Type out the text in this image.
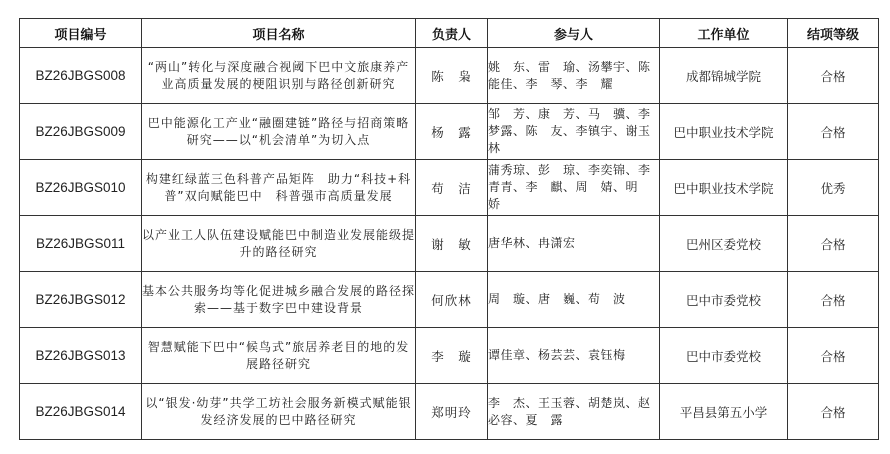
项目编号	项目名称	负责人	参与人	工作单位	结项等级
BZ26JBGS008	“两山”转化与深度融合视阈下巴中文旅康养产业高质量发展的梗阻识别与路径创新研究	陈　枭	姚　东、雷　瑜、汤攀宇、陈能佳、李　琴、李　耀	成都锦城学院	合格
BZ26JBGS009	巴中能源化工产业“融圈建链”路径与招商策略研究——以“机会清单”为切入点	杨　露	邹　芳、康　芳、马　骥、李梦露、陈　友、李镇宇、谢玉林	巴中职业技术学院	合格
BZ26JBGS010	构建红绿蓝三色科普产品矩阵　助力“科技+科普”双向赋能巴中　科普强市高质量发展	苟　洁	蒲秀琼、彭　琼、李奕锦、李青青、李　麒、周　婧、明　娇	巴中职业技术学院	优秀
BZ26JBGS011	以产业工人队伍建设赋能巴中制造业发展能级提升的路径研究	谢　敏	唐华林、冉潇宏	巴州区委党校	合格
BZ26JBGS012	基本公共服务均等化促进城乡融合发展的路径探索——基于数字巴中建设背景	何欣林	周　璇、唐　巍、苟　波	巴中市委党校	合格
BZ26JBGS013	智慧赋能下巴中“候鸟式”旅居养老目的地的发展路径研究	李　璇	谭佳章、杨芸芸、袁钰梅	巴中市委党校	合格
BZ26JBGS014	以“银发·幼芽”共学工坊社会服务新模式赋能银发经济发展的巴中路径研究	郑明玲	李　杰、王玉蓉、胡楚岚、赵必容、夏　露	平昌县第五小学	合格
